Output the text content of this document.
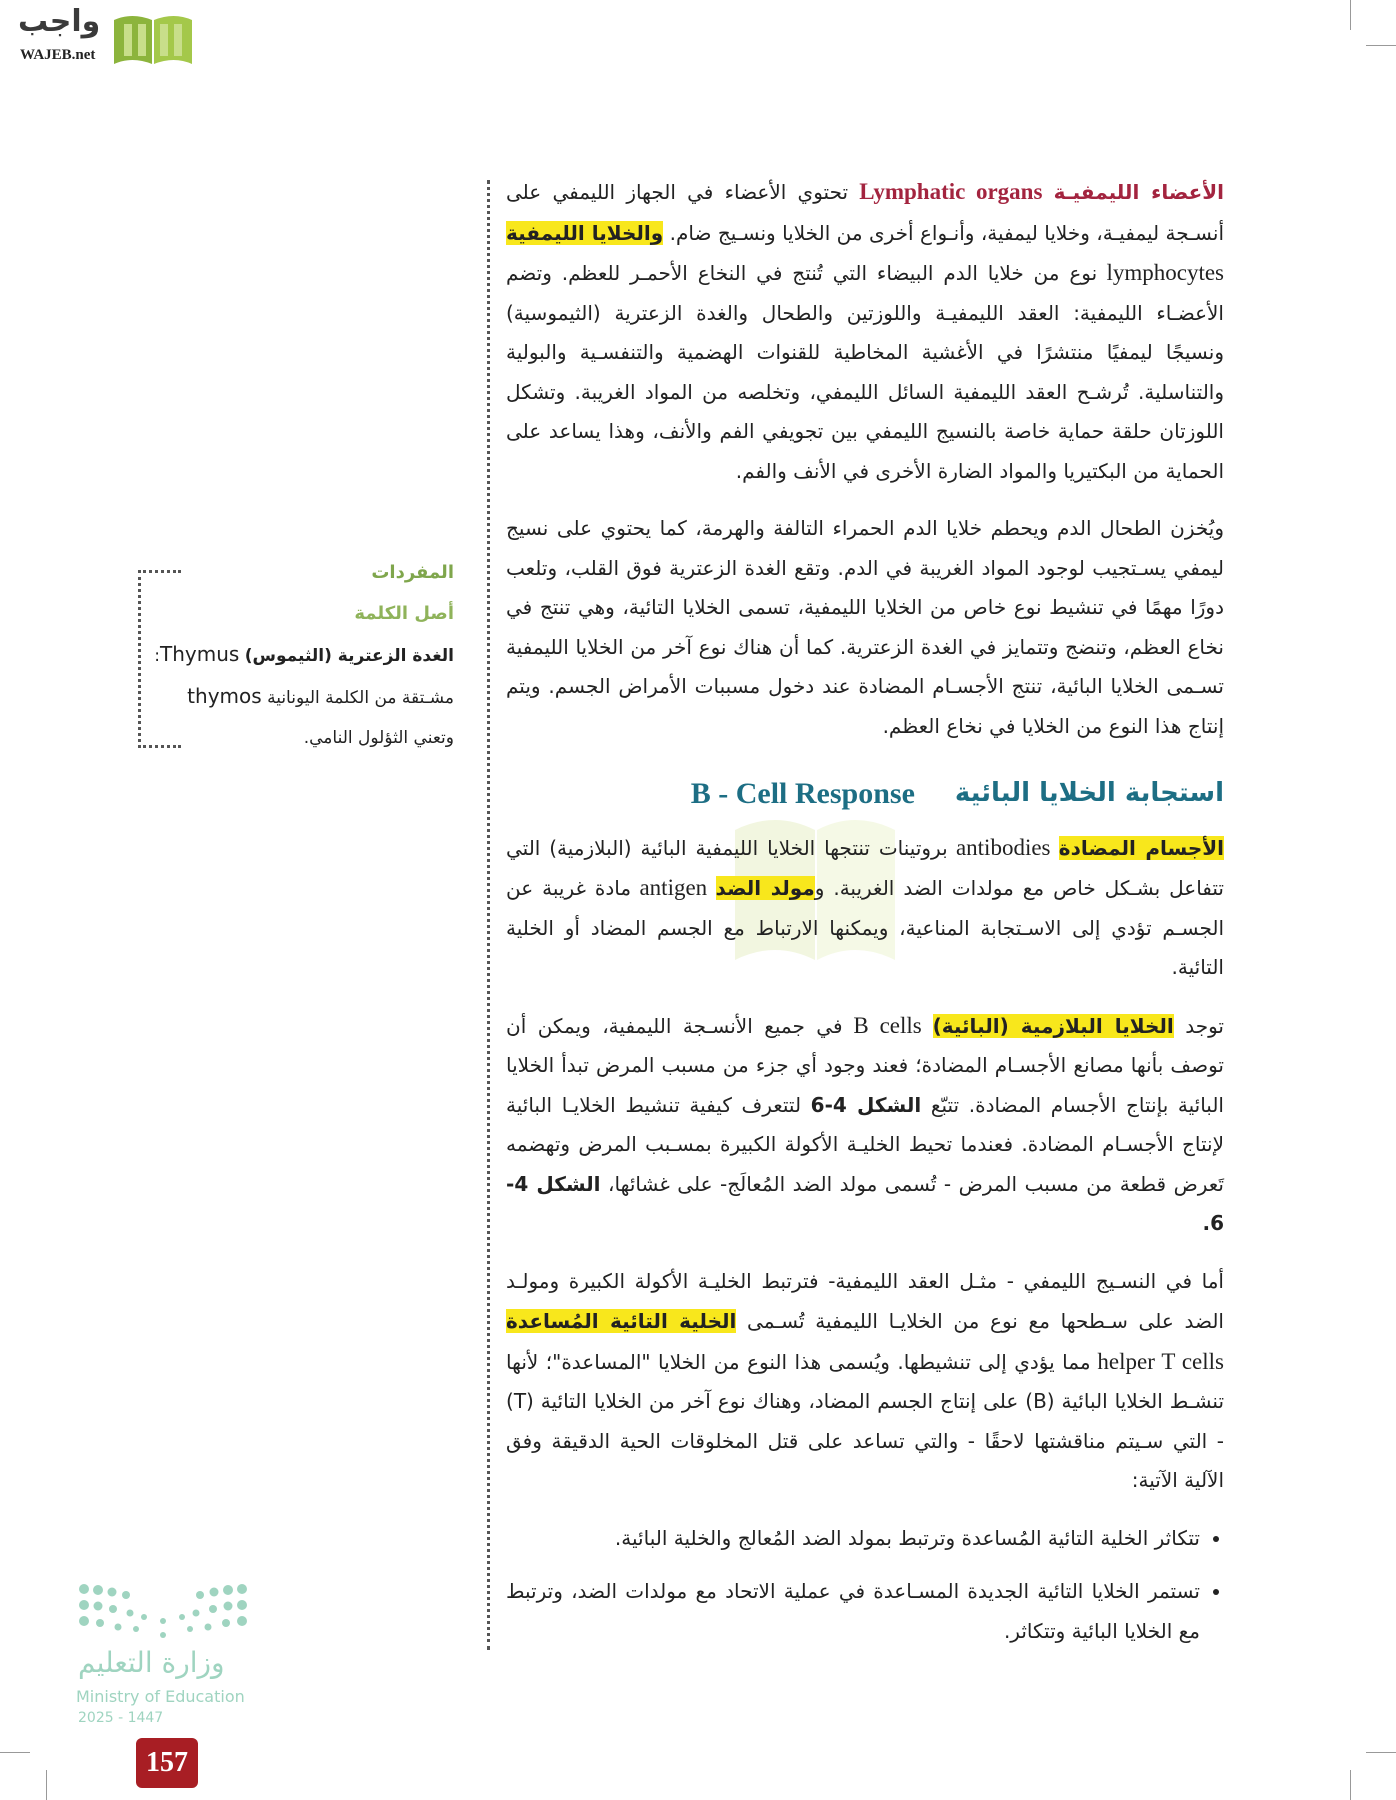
واجب
WAJEB.net

الأعضاء الليمفيـة Lymphatic organs تحتوي الأعضاء في الجهاز الليمفي على أنسـجة ليمفيـة، وخلايا ليمفية، وأنـواع أخرى من الخلايا ونسـيج ضام. والخلايا الليمفية lymphocytes نوع من خلايا الدم البيضاء التي تُنتج في النخاع الأحمـر للعظم. وتضم الأعضـاء الليمفية: العقد الليمفيـة واللوزتين والطحال والغدة الزعترية (الثيموسية) ونسيجًا ليمفيًا منتشرًا في الأغشية المخاطية للقنوات الهضمية والتنفسـية والبولية والتناسلية. تُرشـح العقد الليمفية السائل الليمفي، وتخلصه من المواد الغريبة. وتشكل اللوزتان حلقة حماية خاصة بالنسيج الليمفي بين تجويفي الفم والأنف، وهذا يساعد على الحماية من البكتيريا والمواد الضارة الأخرى في الأنف والفم.

ويُخزن الطحال الدم ويحطم خلايا الدم الحمراء التالفة والهرمة، كما يحتوي على نسيج ليمفي يسـتجيب لوجود المواد الغريبة في الدم. وتقع الغدة الزعترية فوق القلب، وتلعب دورًا مهمًا في تنشيط نوع خاص من الخلايا الليمفية، تسمى الخلايا التائية، وهي تنتج في نخاع العظم، وتنضج وتتمايز في الغدة الزعترية. كما أن هناك نوع آخر من الخلايا الليمفية تسـمى الخلايا البائية، تنتج الأجسـام المضادة عند دخول مسببات الأمراض الجسم. ويتم إنتاج هذا النوع من الخلايا في نخاع العظم.

استجابة الخلايا البائية
B - Cell Response

الأجسام المضادة antibodies بروتينات تنتجها الخلايا الليمفية البائية (البلازمية) التي تتفاعل بشـكل خاص مع مولدات الضد الغريبة. ومولد الضد antigen مادة غريبة عن الجسـم تؤدي إلى الاسـتجابة المناعية، ويمكنها الارتباط مع الجسم المضاد أو الخلية التائية.

توجد الخلايا البلازمية (البائية) B cells في جميع الأنسـجة الليمفية، ويمكن أن توصف بأنها مصانع الأجسـام المضادة؛ فعند وجود أي جزء من مسبب المرض تبدأ الخلايا البائية بإنتاج الأجسام المضادة. تتبّع الشكل 4-6 لتتعرف كيفية تنشيط الخلايـا البائية لإنتاج الأجسـام المضادة. فعندما تحيط الخليـة الأكولة الكبيرة بمسـبب المرض وتهضمه تَعرض قطعة من مسبب المرض - تُسمى مولد الضد المُعالَج- على غشائها، الشكل 4-6.

أما في النسـيج الليمفي - مثـل العقد الليمفية- فترتبط الخليـة الأكولة الكبيرة ومولـد الضد على سـطحها مع نوع من الخلايـا الليمفية تُسـمى الخلية التائية المُساعدة helper T cells مما يؤدي إلى تنشيطها. ويُسمى هذا النوع من الخلايا "المساعدة"؛ لأنها تنشـط الخلايا البائية (B) على إنتاج الجسم المضاد، وهناك نوع آخر من الخلايا التائية (T) - التي سـيتم مناقشتها لاحقًا - والتي تساعد على قتل المخلوقات الحية الدقيقة وفق الآلية الآتية:

• تتكاثر الخلية التائية المُساعدة وترتبط بمولد الضد المُعالج والخلية البائية.
• تستمر الخلايا التائية الجديدة المسـاعدة في عملية الاتحاد مع مولدات الضد، وترتبط مع الخلايا البائية وتتكاثر.
المفردات
أصل الكلمة
الغدة الزعترية (الثيموس) Thymus:
مشـتقة من الكلمة اليونانية thymos
وتعني الثؤلول النامي.
وزارة التعليم
Ministry of Education
2025 - 1447
157
